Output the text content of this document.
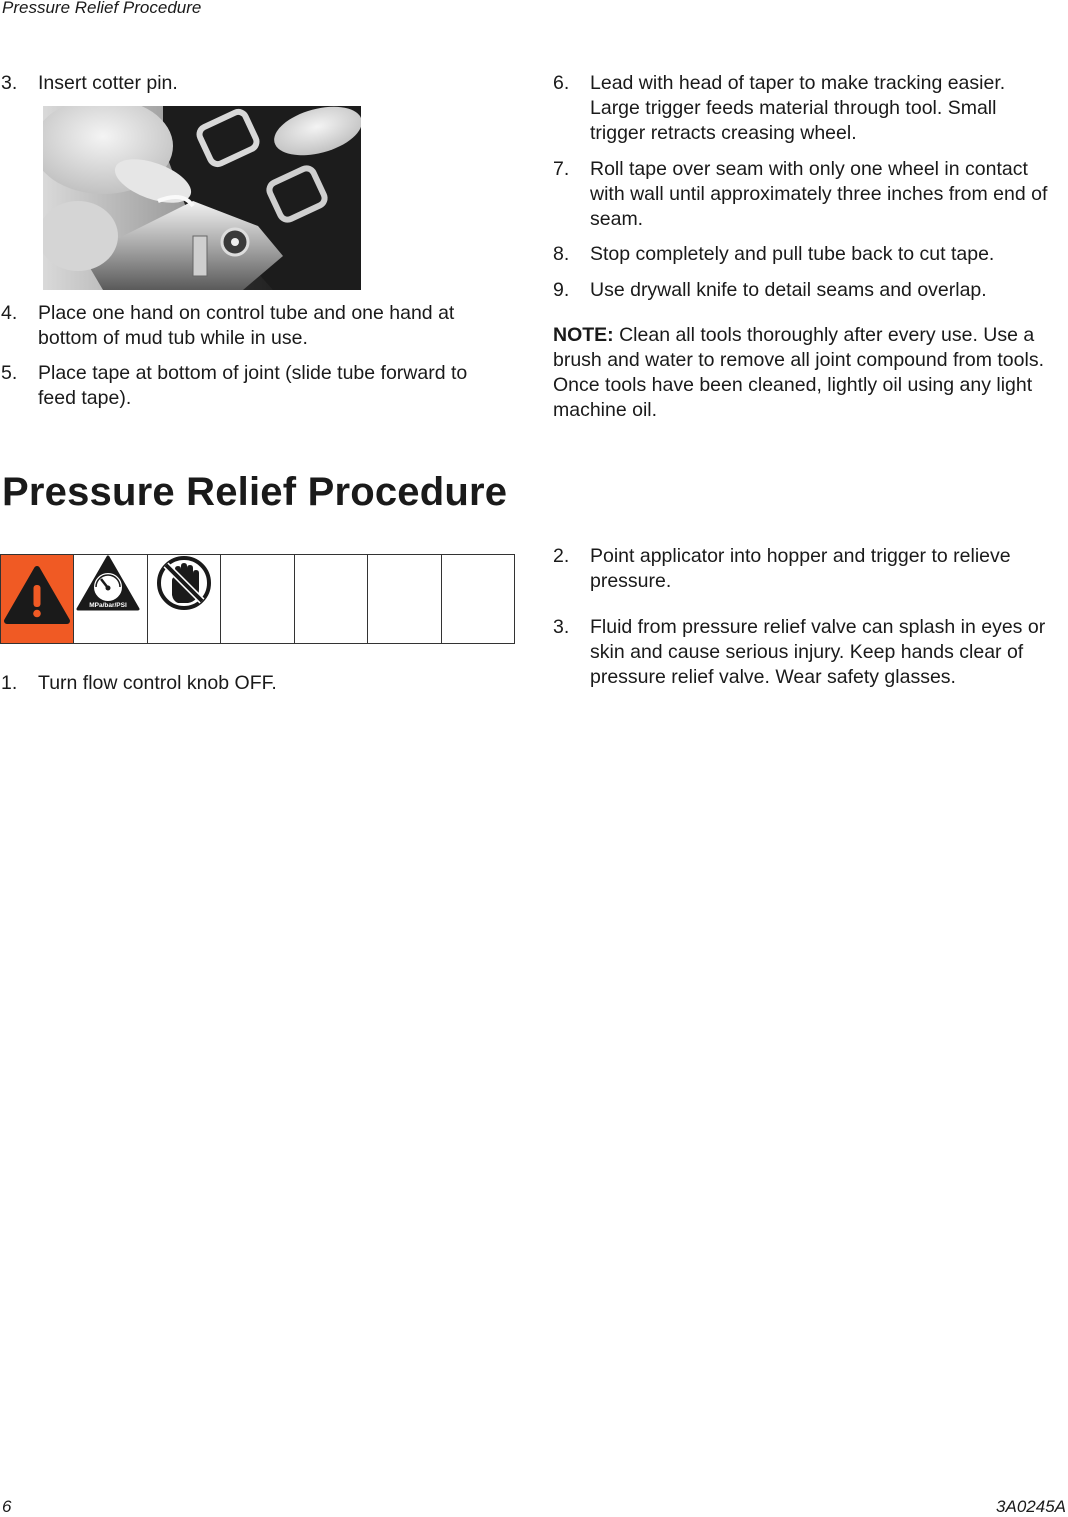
Pressure Relief Procedure
3.	Insert cotter pin.
4.	Place one hand on control tube and one hand at bottom of mud tub while in use.
5.	Place tape at bottom of joint (slide tube forward to feed tape).
6.	Lead with head of taper to make tracking easier. Large trigger feeds material through tool. Small trigger retracts creasing wheel.
7.	Roll tape over seam with only one wheel in contact with wall until approximately three inches from end of seam.
8.	Stop completely and pull tube back to cut tape.
9.	Use drywall knife to detail seams and overlap.
NOTE: Clean all tools thoroughly after every use. Use a brush and water to remove all joint compound from tools. Once tools have been cleaned, lightly oil using any light machine oil.
Pressure Relief Procedure

MPa/bar/PSI

1.	Turn flow control knob OFF.
2.	Point applicator into hopper and trigger to relieve pressure.
3.	Fluid from pressure relief valve can splash in eyes or skin and cause serious injury. Keep hands clear of pressure relief valve. Wear safety glasses.
6	3A0245A
